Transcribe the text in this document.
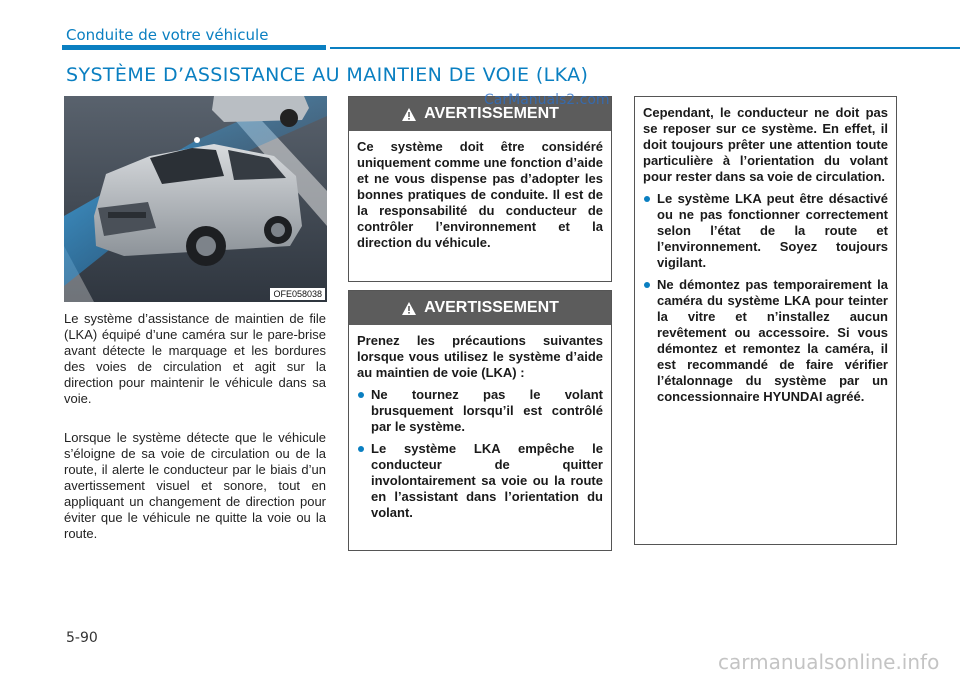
Conduite de votre véhicule
SYSTÈME D’ASSISTANCE AU MAINTIEN DE VOIE (LKA)
OFE058038

Le système d’assistance de maintien de file (LKA) équipé d’une caméra sur le pare-brise avant détecte le marquage et les bordures des voies de circulation et agit sur la direction pour maintenir le véhicule dans sa voie.

Lorsque le système détecte que le véhicule s’éloigne de sa voie de circulation ou de la route, il alerte le conducteur par le biais d’un avertissement visuel et sonore, tout en appliquant un changement de direction pour éviter que le véhicule ne quitte la voie ou la route.

AVERTISSEMENT

Ce système doit être considéré uniquement comme une fonction d’aide et ne vous dispense pas d’adopter les bonnes pratiques de conduite. Il est de la responsabilité du conducteur de contrôler l’environnement et la direction du véhicule.

AVERTISSEMENT

Prenez les précautions suivantes lorsque vous utilisez le système d’aide au maintien de voie (LKA) :

Ne tournez pas le volant brusquement lorsqu’il est contrôlé par le système.
Le système LKA empêche le conducteur de quitter involontairement sa voie ou la route en l’assistant dans l’orientation du volant.

Cependant, le conducteur ne doit pas se reposer sur ce système. En effet, il doit toujours prêter une attention toute particulière à l’orientation du volant pour rester dans sa voie de circulation.

Le système LKA peut être désactivé ou ne pas fonctionner correctement selon l’état de la route et l’environnement. Soyez toujours vigilant.
Ne démontez pas temporairement la caméra du système LKA pour teinter la vitre et n’installez aucun revêtement ou accessoire. Si vous démontez et remontez la caméra, il est recommandé de faire vérifier l’étalonnage du système par un concessionnaire HYUNDAI agréé.
CarManuals2.com
5-90
carmanualsonline.info
